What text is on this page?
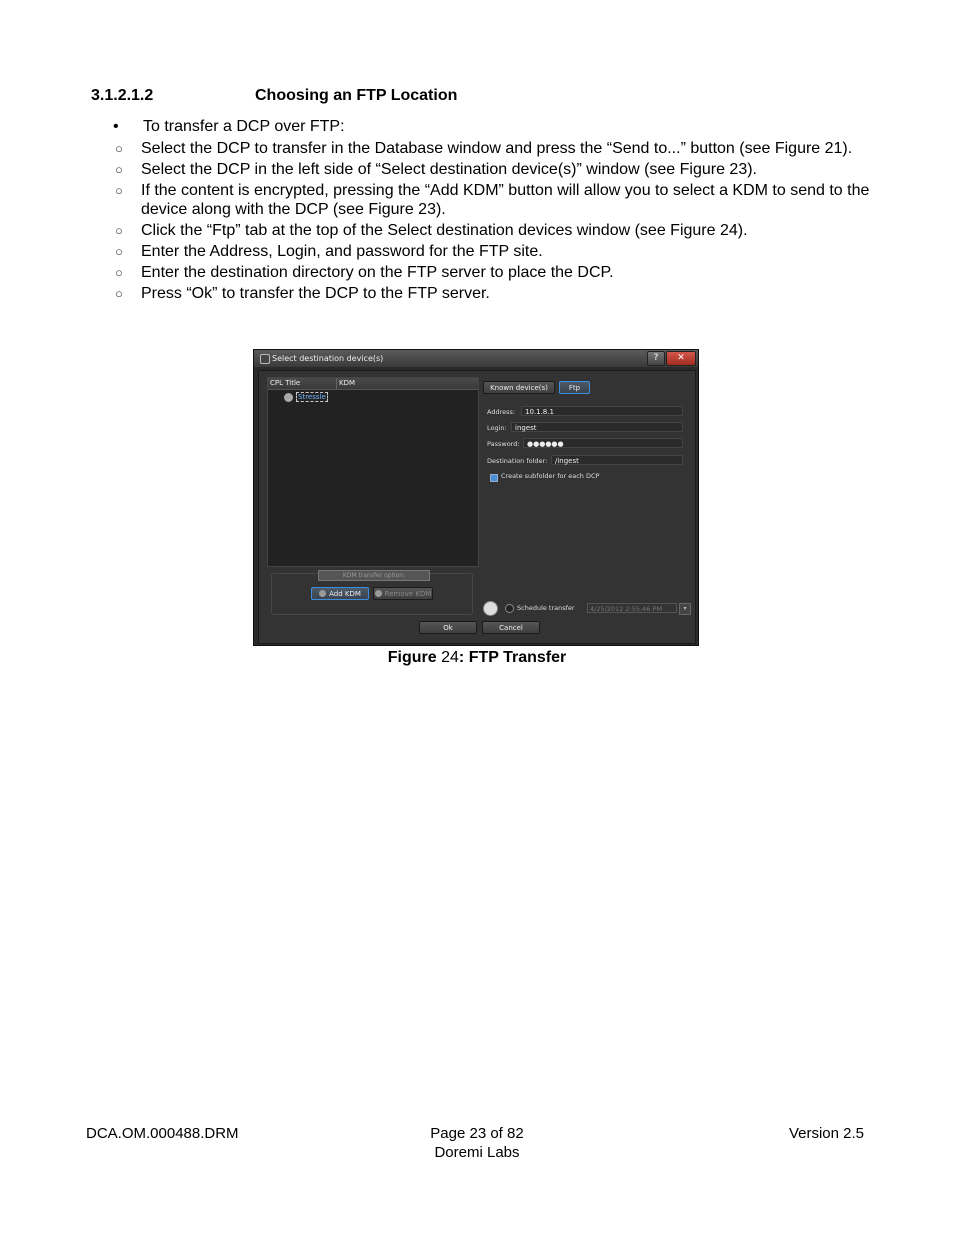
3.1.2.1.2	Choosing an FTP Location
• To transfer a DCP over FTP:
○ Select the DCP to transfer in the Database window and press the “Send to...” button (see Figure 21).
○ Select the DCP in the left side of “Select destination device(s)” window (see Figure 23).
○ If the content is encrypted, pressing the “Add KDM” button will allow you to select a KDM to send to the device along with the DCP (see Figure 23).
○ Click the “Ftp” tab at the top of the Select destination devices window (see Figure 24).
○ Enter the Address, Login, and password for the FTP site.
○ Enter the destination directory on the FTP server to place the DCP.
○ Press “Ok” to transfer the DCP to the FTP server.
Select destination device(s)	?	✕
CPL Title	KDM
Stressle
KDM transfer option:
Add KDM	Remove KDM
Known device(s)	Ftp
Address:	10.1.8.1
Login:	ingest
Password:	●●●●●●
Destination folder:	/ingest
Create subfolder for each DCP
Schedule transfer	4/25/2012 2:55:46 PM	▾
Ok	Cancel
Figure 24: FTP Transfer
DCA.OM.000488.DRM	Page 23 of 82
Doremi Labs
Version 2.5
